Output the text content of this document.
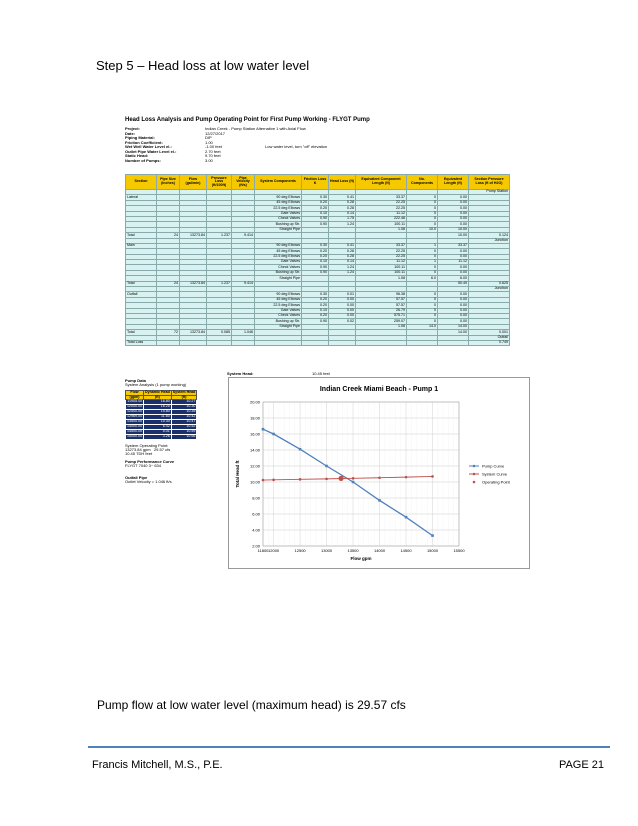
Step 5 – Head loss at low water level
Head Loss Analysis and Pump Operating Point for First Pump Working - FLYGT Pump
Project:	Indian Creek - Pump Station Alternative 1 with Axial Flow
Date:	12/27/2017
Piping Material:	DIP
Friction Coefficient:	1.00
Wet Well Water Level el.:	-1.00 feet	Low water level, turn "off" elevation
Outlet Pipe Water Level el.:	2.70 feet
Static Head:	9.70 feet
Number of Pumps:	3.00
Section	Pipe Size (inches)	Flow (gal/min)	Pressure Loss (ft/100ft)	Pipe Velocity (ft/s)	System Components	Friction Loss K	Head Loss (ft)	Equivalent Component Length (ft)	No. Components	Equivalent Length (ft)	Section Pressure Loss (ft of H2O)
											Pump Station
Lateral					90 deg Elbows	0.30	0.41	33.37	0	0.00	
					45 deg Elbows	0.20	0.28	22.25	0	0.00	
					22.5 deg Elbows	0.20	0.28	22.25	0	0.00	
					Gate Valves	0.10	0.14	11.12	0	0.00	
					Check Valves	0.90	1.75	222.48	0	0.00	
					Bushing up Str.	0.90	1.24	100.11	0	0.00	
					Straight Pipe			1.08	10.0	10.00	
Total	24	13273.84	1.237	9.414						10.00	0.124
											Junction
Main					90 deg Elbows	0.30	0.41	33.37	1	33.37	
					45 deg Elbows	0.20	0.28	22.25	0	0.00	
					22.5 deg Elbows	0.20	0.28	22.25	0	0.00	
					Gate Valves	0.10	0.14	11.12	1	11.12	
					Check Valves	0.90	1.24	100.11	0	0.00	
					Bushing up Str.	0.90	1.24	100.11	0	0.00	
					Straight Pipe			1.08	6.0	6.00	
Total	24	13273.84	1.237	9.414						50.49	0.625
											Junction
Outfall					90 deg Elbows	0.30	0.01	96.38	0	0.00	
					45 deg Elbows	0.20	0.00	57.57	0	0.00	
					22.5 deg Elbows	0.20	0.00	57.57	0	0.00	
					Gate Valves	0.10	0.00	26.79	0	0.00	
					Check Valves	0.20	0.00	575.71	0	0.00	
					Bushing up Str.	0.90	0.02	259.07	0	0.00	
					Straight Pipe			1.08	14.0	14.00	
Total	72	13273.84	0.085	1.046						14.00	0.001
											Outfall
Total Loss											0.749
System Head:	10.45 feet
Pump Data
System Analysis (1 pump working)
Flow	Dynamic Head	System Head
(gpm)	(ft)	(ft)
11905.00	16.80	10.27
12000.00	16.25	10.30
12500.00	15.80	10.39
12969.00	11.60	10.42
13500.00	10.30	10.47
14000.00	6.42	10.52
14500.00	5.01	10.59
15000.00	3.26	10.66
System Operating Point:
13273.84 gpm 29.57 cfs
10.45 TDH feet
Pump Performance Curve
FLYGT 7040 3~ 634
Outfall Pipe
Outlet Velocity = 1.046 ft/s
Indian Creek Miami Beach - Pump 1
2.00
4.00
6.00
8.00
10.00
12.00
14.00
16.00
18.00
20.00
11800 12000	12500	13000	13500	14000	14500	15000	15500
Flow gpm
Total Head ft	Pump Curve
System Curve
Operating Point
Pump flow at low water level (maximum head) is 29.57 cfs
Francis Mitchell, M.S., P.E.	PAGE 21
